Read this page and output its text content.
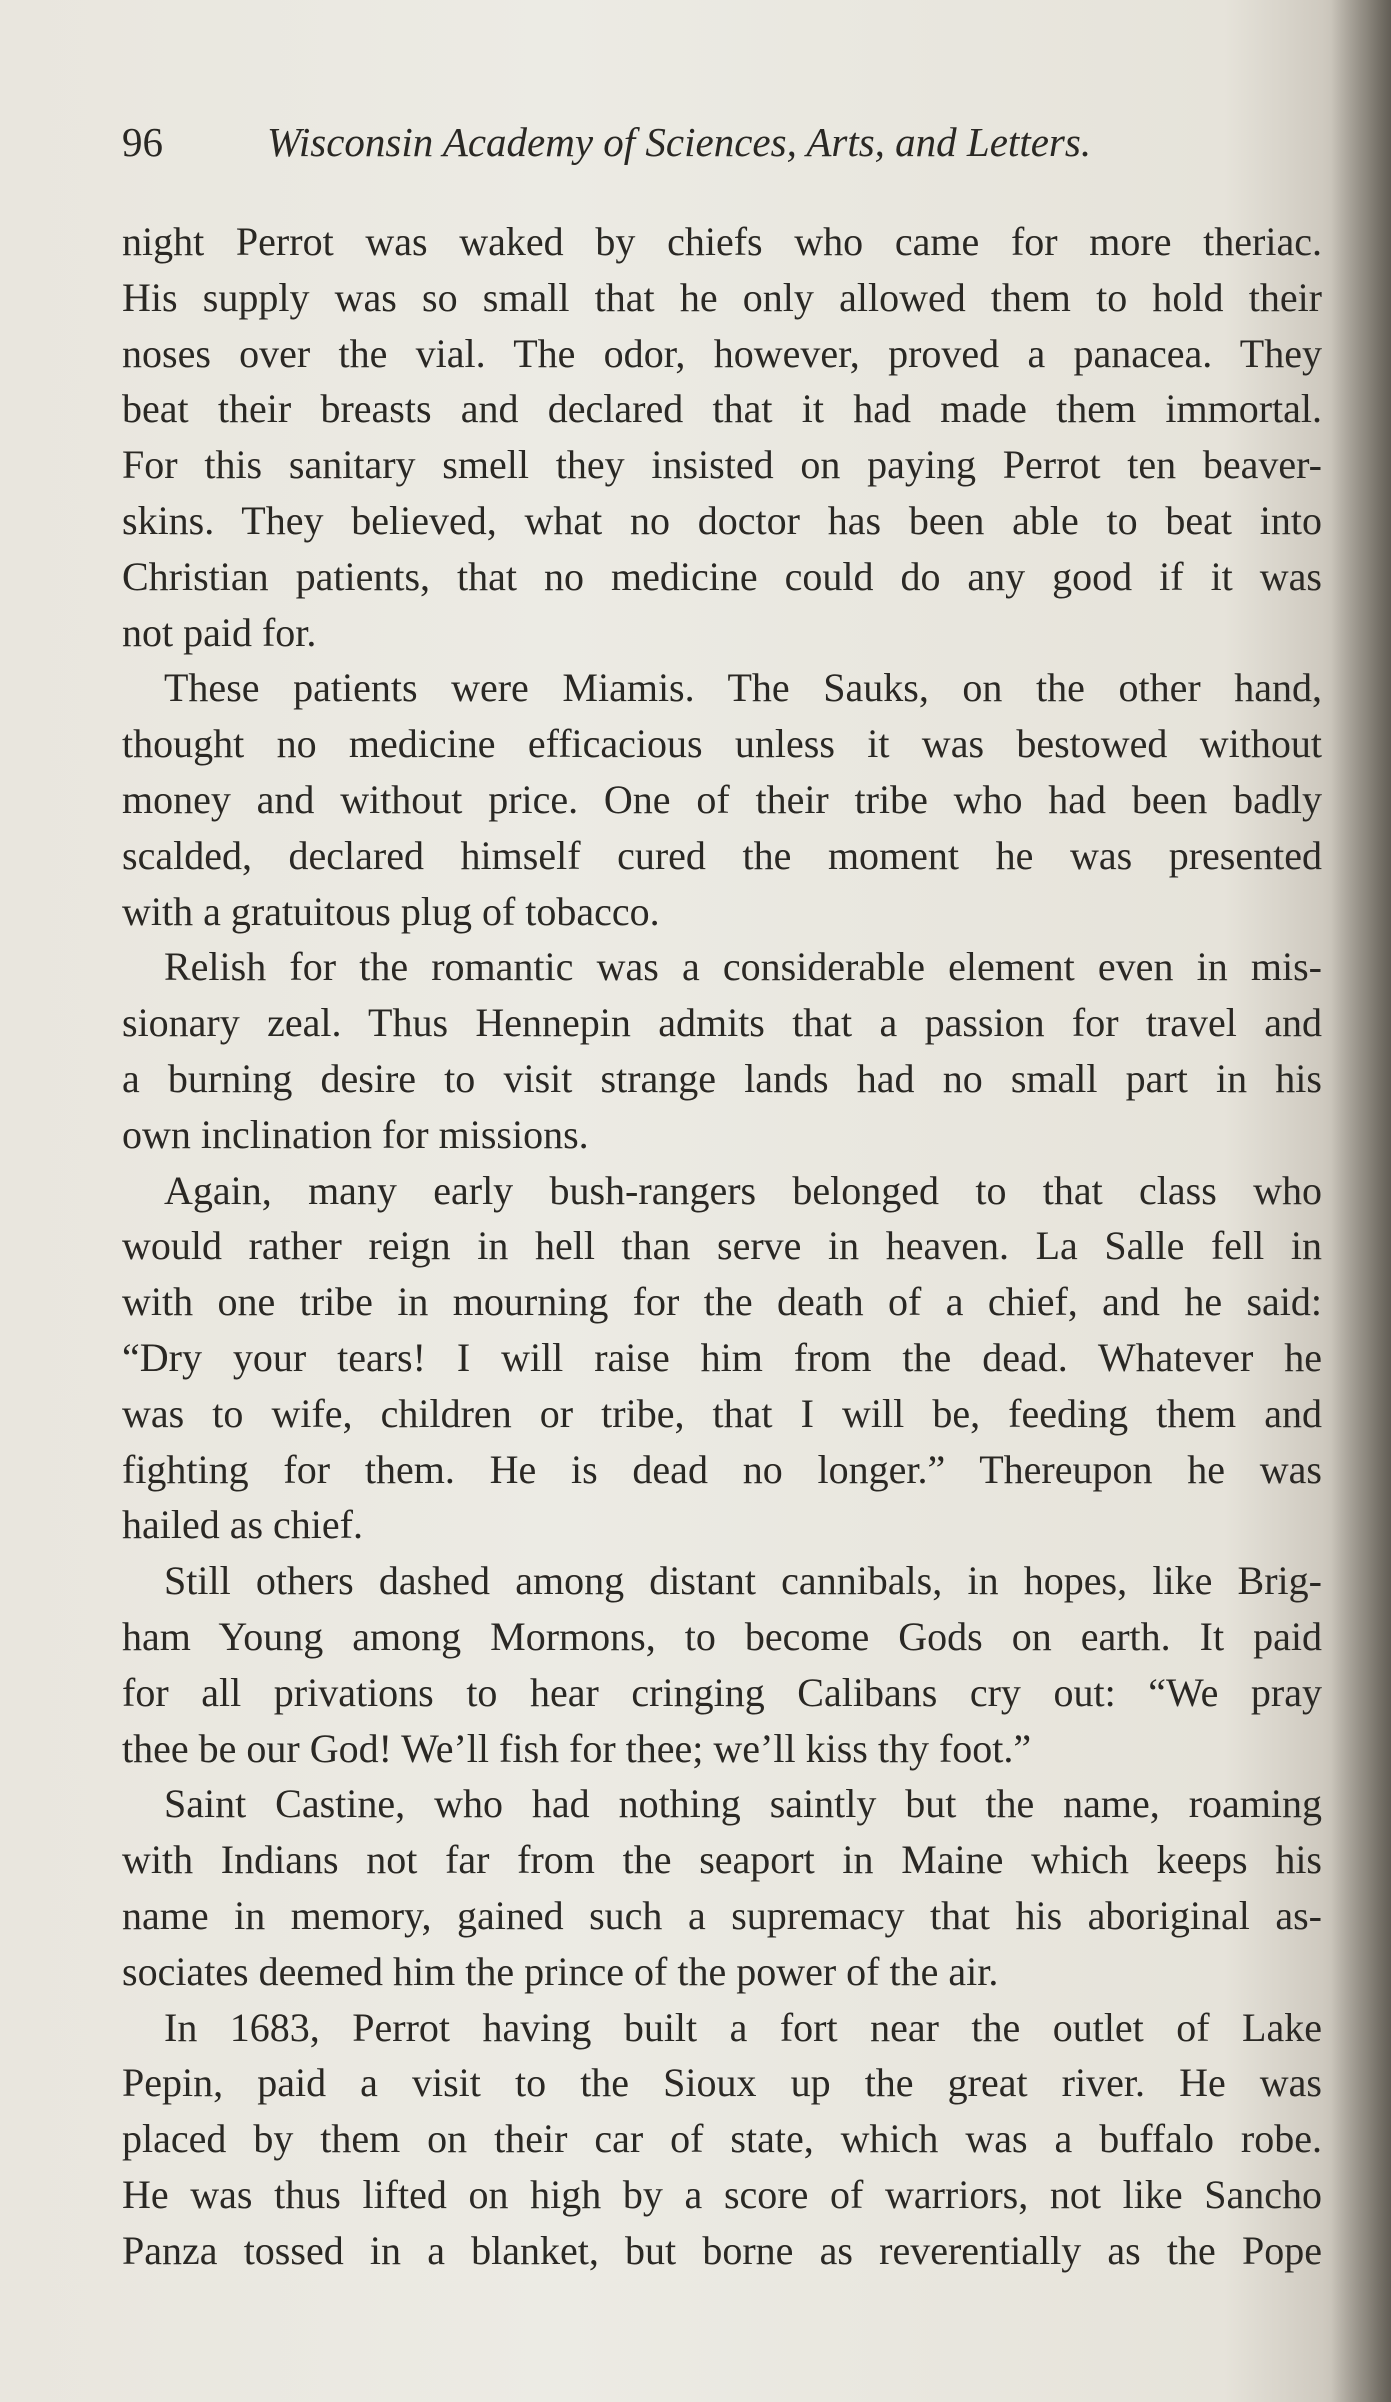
96	Wisconsin Academy of Sciences, Arts, and Letters.
night Perrot was waked by chiefs who came for more theriac.
His supply was so small that he only allowed them to hold their
noses over the vial. The odor, however, proved a panacea. They
beat their breasts and declared that it had made them immortal.
For this sanitary smell they insisted on paying Perrot ten beaver-
skins. They believed, what no doctor has been able to beat into
Christian patients, that no medicine could do any good if it was
not paid for.
These patients were Miamis. The Sauks, on the other hand,
thought no medicine efficacious unless it was bestowed without
money and without price. One of their tribe who had been badly
scalded, declared himself cured the moment he was presented
with a gratuitous plug of tobacco.
Relish for the romantic was a considerable element even in mis-
sionary zeal. Thus Hennepin admits that a passion for travel and
a burning desire to visit strange lands had no small part in his
own inclination for missions.
Again, many early bush-rangers belonged to that class who
would rather reign in hell than serve in heaven. La Salle fell in
with one tribe in mourning for the death of a chief, and he said:
“Dry your tears! I will raise him from the dead. Whatever he
was to wife, children or tribe, that I will be, feeding them and
fighting for them. He is dead no longer.” Thereupon he was
hailed as chief.
Still others dashed among distant cannibals, in hopes, like Brig-
ham Young among Mormons, to become Gods on earth. It paid
for all privations to hear cringing Calibans cry out: “We pray
thee be our God! We’ll fish for thee; we’ll kiss thy foot.”
Saint Castine, who had nothing saintly but the name, roaming
with Indians not far from the seaport in Maine which keeps his
name in memory, gained such a supremacy that his aboriginal as-
sociates deemed him the prince of the power of the air.
In 1683, Perrot having built a fort near the outlet of Lake
Pepin, paid a visit to the Sioux up the great river. He was
placed by them on their car of state, which was a buffalo robe.
He was thus lifted on high by a score of warriors, not like Sancho
Panza tossed in a blanket, but borne as reverentially as the Pope
